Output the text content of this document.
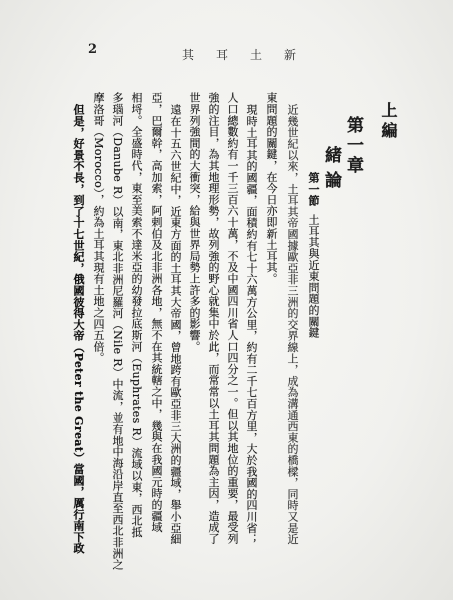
2	新土耳其
上編
第一章
緒論
第一節土耳其與近東問題的關鍵
近幾世紀以來，土耳其帝國據歐亞非三洲的交界線上，成為溝通西東的橋樑，同時又是近
東問題的關鍵，在今日亦即新土耳其。
現時土耳其的國疆，面積約有七十六萬方公里，約有二千七百方里，大於我國的四川省；
人口總數約有一千三百六十萬，不及中國四川省人口四分之一。但以其地位的重要，最受列
強的注目，為其地理形勢，故列強的野心就集中於此，而常常以土耳其問題為主因，造成了
世界列強間的大衝突，給與世界局勢上許多的影響。
遠在十五六世紀中，近東方面的土耳其大帝國，曾地跨有歐亞非三大洲的疆域，舉小亞細
亞，巴爾幹，高加索，阿剌伯及北非洲各地，無不在其統轄之中，幾與在我國元時的疆域
相埒。全盛時代，東至美索不達米亞的幼發拉底斯河（Euphrates R）流域以東，西北抵
多瑙河（Danube R）以南，東北非洲尼羅河（Nile R）中流，並有地中海沿岸直至西北非洲之
摩洛哥（Morocco），約為土耳其現有土地之四五倍。
但是，好景不長，到了十七世紀，俄國彼得大帝（Peter the Great）當國，厲行南下政
